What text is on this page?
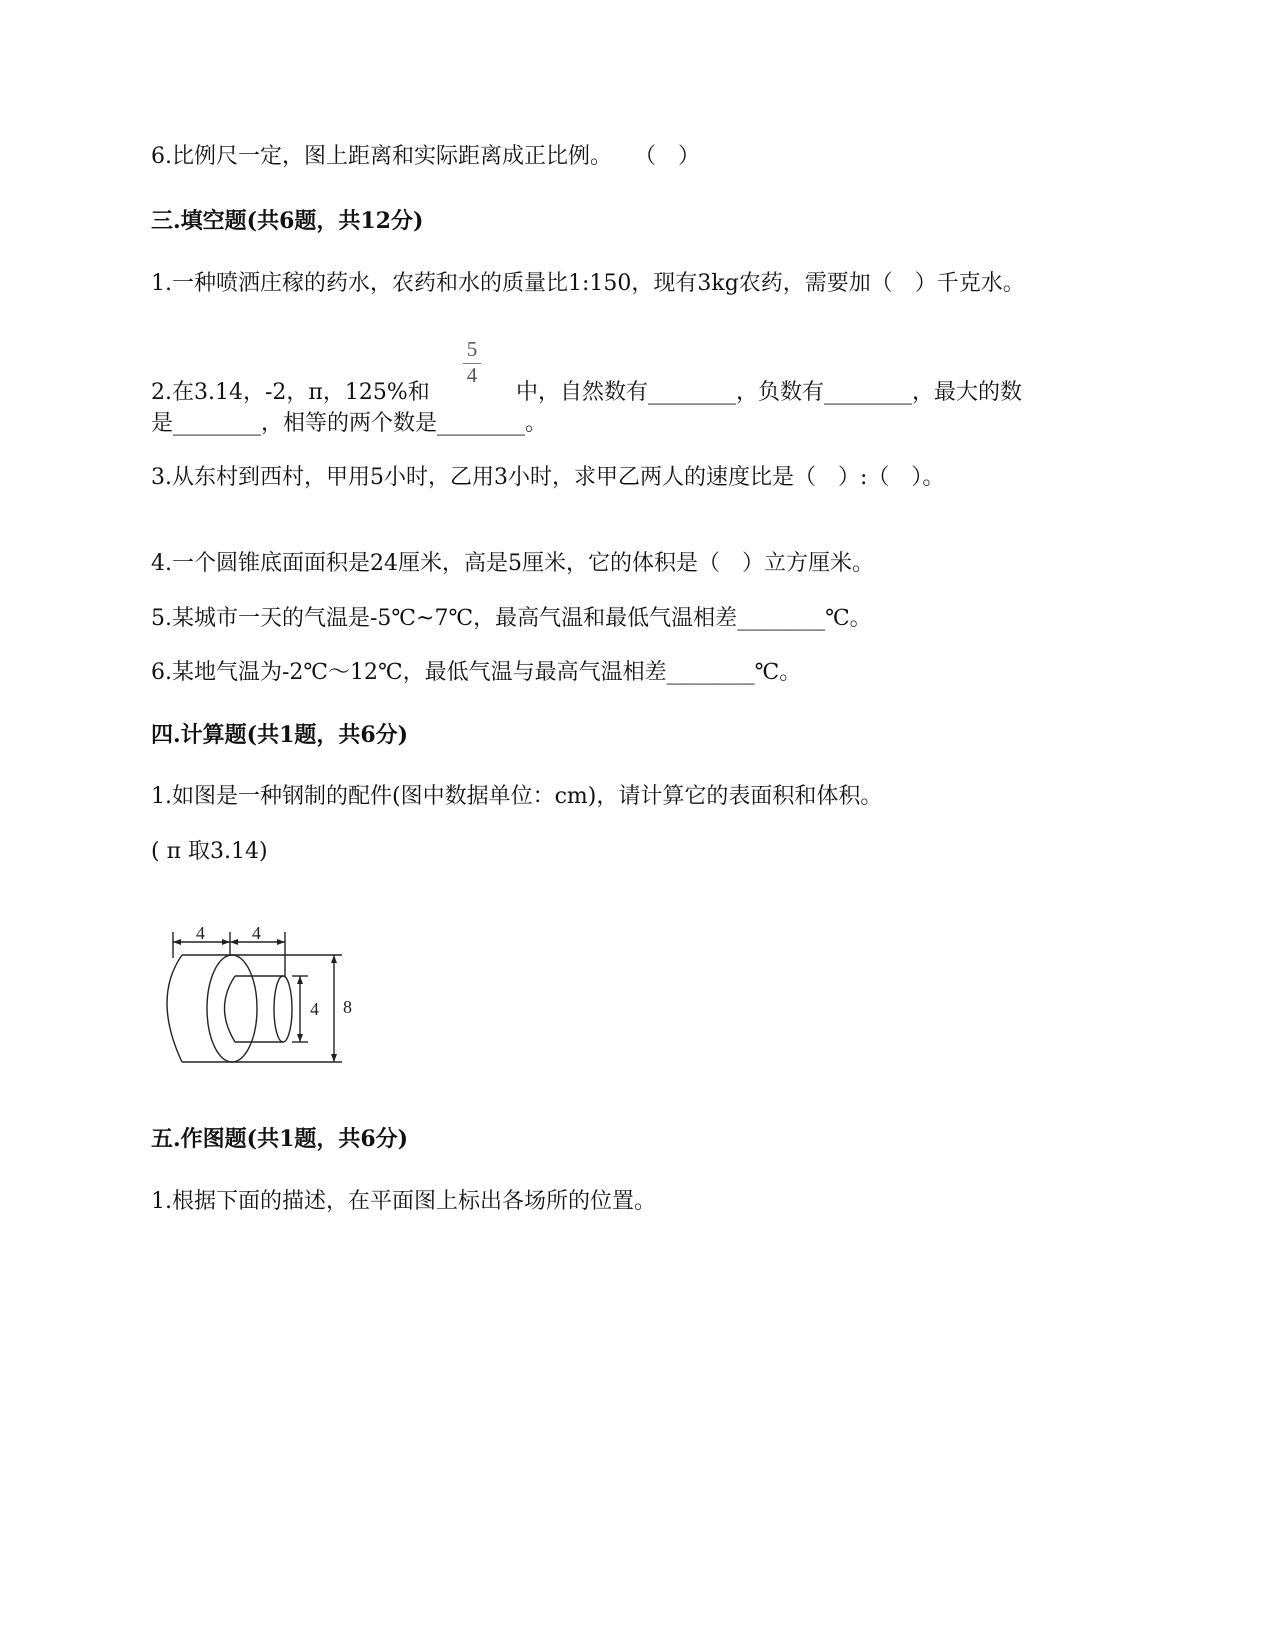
6.比例尺一定，图上距离和实际距离成正比例。　　（　）
三.填空题(共6题，共12分)
1.一种喷洒庄稼的药水，农药和水的质量比1:150，现有3kg农药，需要加（　）千克水。
2.在3.14，-2，π，125%和
5
4
中，自然数有________，负数有________，最大的数
是________，相等的两个数是________。
3.从东村到西村，甲用5小时，乙用3小时，求甲乙两人的速度比是（　）:（　）。
4.一个圆锥底面面积是24厘米，高是5厘米，它的体积是（　）立方厘米。
5.某城市一天的气温是-5℃~7℃，最高气温和最低气温相差________℃。
6.某地气温为-2℃～12℃，最低气温与最高气温相差________℃。
四.计算题(共1题，共6分)
1.如图是一种钢制的配件(图中数据单位：cm)，请计算它的表面积和体积。
( π 取3.14)
4	4
4 8
五.作图题(共1题，共6分)
1.根据下面的描述，在平面图上标出各场所的位置。
